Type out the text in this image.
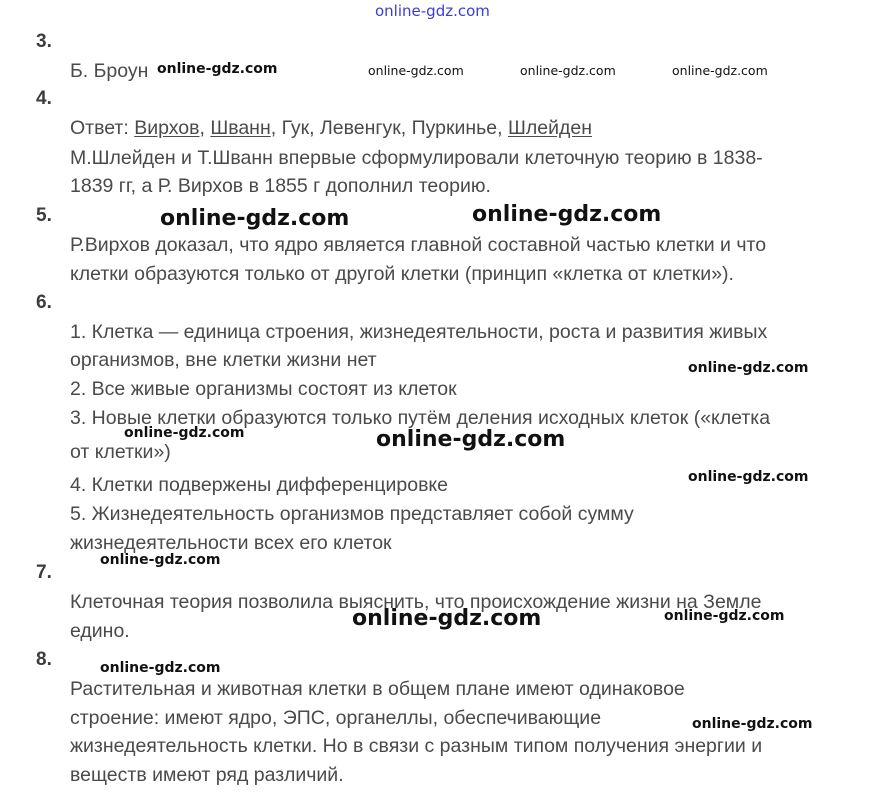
online-gdz.com
3.
Б. Броун
4.
Ответ: Вирхов, Шванн, Гук, Левенгук, Пуркинье, Шлейден
М.Шлейден и Т.Шванн впервые сформулировали клеточную теорию в 1838-
1839 гг, а Р. Вирхов в 1855 г дополнил теорию.
5.
Р.Вирхов доказал, что ядро является главной составной частью клетки и что
клетки образуются только от другой клетки (принцип «клетка от клетки»).
6.
1. Клетка — единица строения, жизнедеятельности, роста и развития живых
организмов, вне клетки жизни нет
2. Все живые организмы состоят из клеток
3. Новые клетки образуются только путём деления исходных клеток («клетка
от клетки»)
4. Клетки подвержены дифференцировке
5. Жизнедеятельность организмов представляет собой сумму
жизнедеятельности всех его клеток
7.
Клеточная теория позволила выяснить, что происхождение жизни на Земле
едино.
8.
Растительная и животная клетки в общем плане имеют одинаковое
строение: имеют ядро, ЭПС, органеллы, обеспечивающие
жизнедеятельность клетки. Но в связи с разным типом получения энергии и
веществ имеют ряд различий.
online-gdz.com	online-gdz.com	online-gdz.com	online-gdz.com
online-gdz.com	online-gdz.com
online-gdz.com
online-gdz.com	online-gdz.com
online-gdz.com
online-gdz.com
online-gdz.com	online-gdz.com
online-gdz.com
online-gdz.com
